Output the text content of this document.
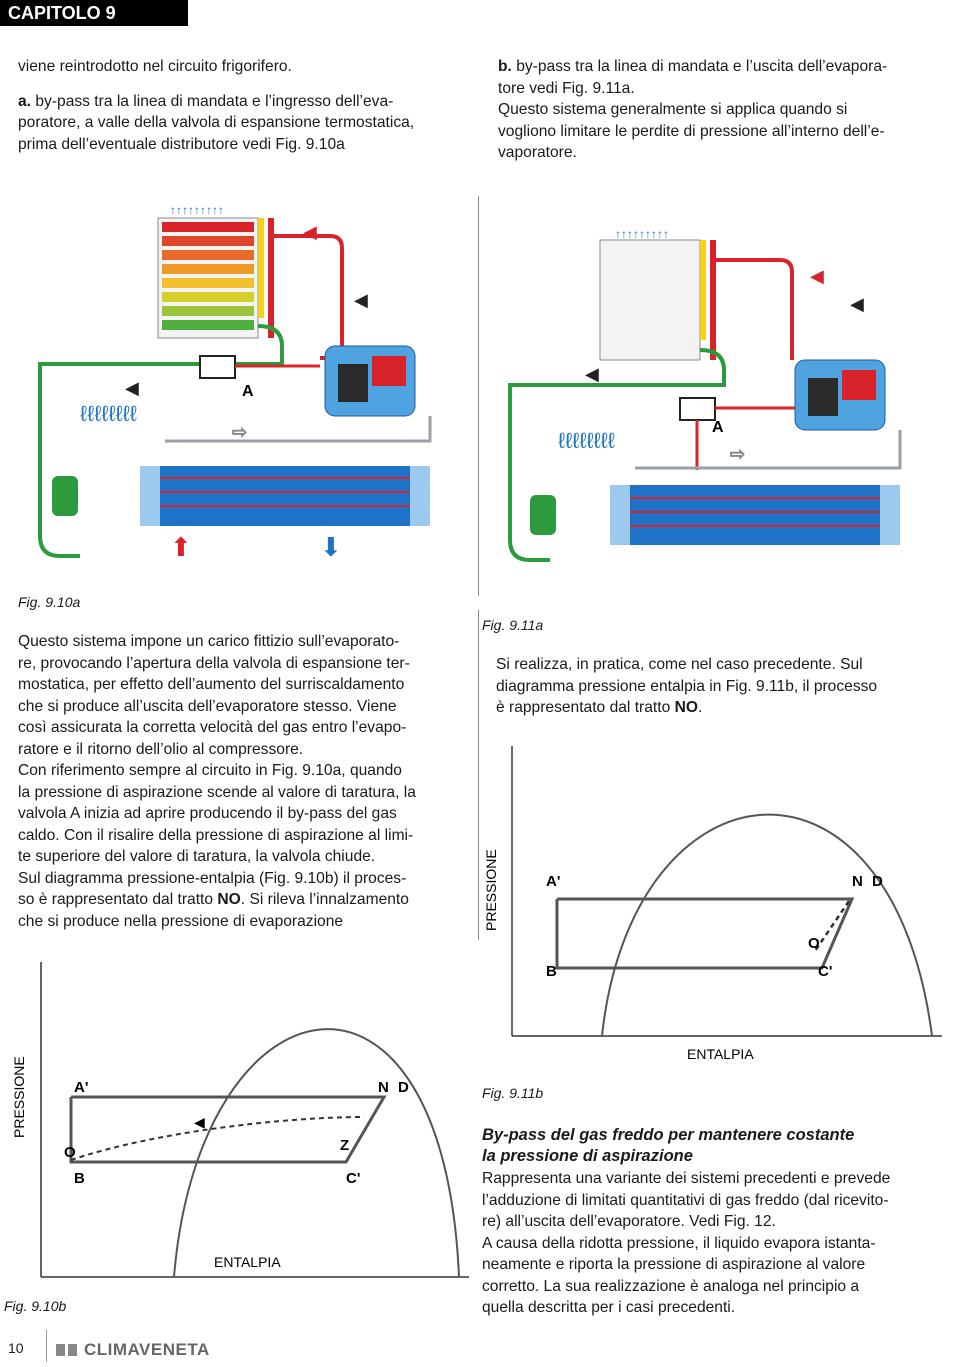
CAPITOLO 9
viene reintrodotto nel circuito frigorifero.
a. by-pass tra la linea di mandata e l’ingresso dell’eva-
poratore, a valle della valvola di espansione termostatica,
prima dell’eventuale distributore vedi Fig. 9.10a
b. by-pass tra la linea di mandata e l’uscita dell’evapora-
tore vedi Fig. 9.11a.
Questo sistema generalmente si applica quando si
vogliono limitare le perdite di pressione all’interno dell’e-
vaporatore.
↑↑↑↑↑↑↑↑↑
◀
◀
◀
⇨
A
ℓℓℓℓℓℓℓℓ
⬆	⬇
↑↑↑↑↑↑↑↑↑
◀
◀
◀
⇨
A
ℓℓℓℓℓℓℓℓ
Fig. 9.10a
Fig. 9.11a
Questo sistema impone un carico fittizio sull’evaporato-
re, provocando l’apertura della valvola di espansione ter-
mostatica, per effetto dell’aumento del surriscaldamento
che si produce all’uscita dell’evaporatore stesso. Viene
così assicurata la corretta velocità del gas entro l’evapo-
ratore e il ritorno dell’olio al compressore.
Con riferimento sempre al circuito in Fig. 9.10a, quando
la pressione di aspirazione scende al valore di taratura, la
valvola A inizia ad aprire producendo il by-pass del gas
caldo. Con il risalire della pressione di aspirazione al limi-
te superiore del valore di taratura, la valvola chiude.
Sul diagramma pressione-entalpia (Fig. 9.10b) il proces-
so è rappresentato dal tratto NO. Si rileva l’innalzamento
che si produce nella pressione di evaporazione
Si realizza, in pratica, come nel caso precedente. Sul
diagramma pressione entalpia in Fig. 9.11b, il processo
è rappresentato dal tratto NO.
PRESSIONE	A'	N D
O
B	C'
ENTALPIA
Fig. 9.11b
◀
PRESSIONE	A'	N D
O	Z
B	C'
ENTALPIA
Fig. 9.10b
By-pass del gas freddo per mantenere costante
la pressione di aspirazione
Rappresenta una variante dei sistemi precedenti e prevede
l’adduzione di limitati quantitativi di gas freddo (dal ricevito-
re) all’uscita dell’evaporatore. Vedi Fig. 12.
A causa della ridotta pressione, il liquido evapora istanta-
neamente e riporta la pressione di aspirazione al valore
corretto. La sua realizzazione è analoga nel principio a
quella descritta per i casi precedenti.
10	CLIMAVENETA
